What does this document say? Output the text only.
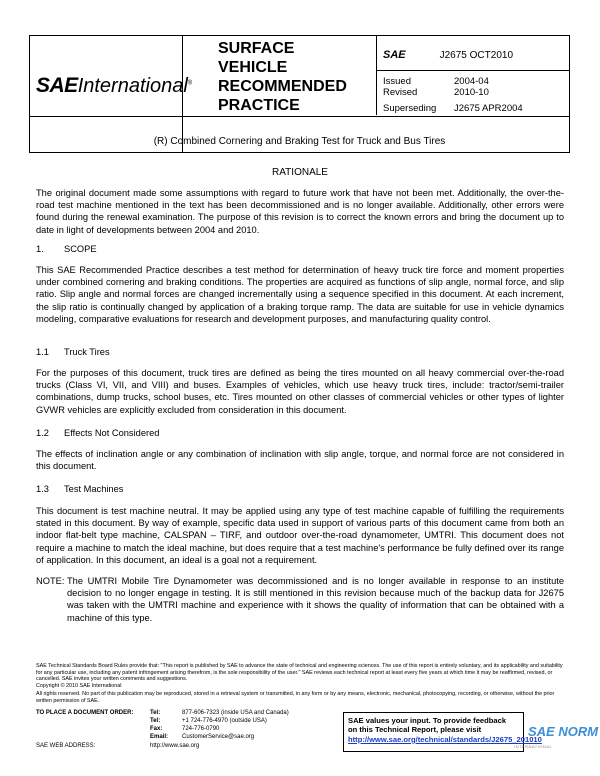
SAEInternational®
SURFACE
VEHICLE
RECOMMENDED
PRACTICE
SAE	J2675 OCT2010
Issued	2004-04
Revised	2010-10
Superseding J2675 APR2004
(R) Combined Cornering and Braking Test for Truck and Bus Tires
RATIONALE
The original document made some assumptions with regard to future work that have not been met. Additionally, the over-the-road test machine mentioned in the text has been decommissioned and is no longer available. Additionally, other errors were found during the renewal examination. The purpose of this revision is to correct the known errors and bring the document up to date in light of developments between 2004 and 2010.
1. SCOPE
This SAE Recommended Practice describes a test method for determination of heavy truck tire force and moment properties under combined cornering and braking conditions. The properties are acquired as functions of slip angle, normal force, and slip ratio. Slip angle and normal forces are changed incrementally using a sequence specified in this document. At each increment, the slip ratio is continually changed by application of a braking torque ramp. The data are suitable for use in vehicle dynamics modeling, comparative evaluations for research and development purposes, and manufacturing quality control.
1.1 Truck Tires
For the purposes of this document, truck tires are defined as being the tires mounted on all heavy commercial over-the-road trucks (Class VI, VII, and VIII) and buses. Examples of vehicles, which use heavy truck tires, include: tractor/semi-trailer combinations, dump trucks, school buses, etc. Tires mounted on other classes of commercial vehicles or other types of lighter GVWR vehicles are explicitly excluded from consideration in this document.
1.2 Effects Not Considered
The effects of inclination angle or any combination of inclination with slip angle, torque, and normal force are not considered in this document.
1.3 Test Machines
This document is test machine neutral. It may be applied using any type of test machine capable of fulfilling the requirements stated in this document. By way of example, specific data used in support of various parts of this document came from both an indoor flat-belt type machine, CALSPAN – TIRF, and outdoor over-the-road dynamometer, UMTRI. This document does not require a machine to match the ideal machine, but does require that a test machine's performance be fully defined over its range of application. In this document, an ideal is a goal not a requirement.
NOTE: The UMTRI Mobile Tire Dynamometer was decommissioned and is no longer available in response to an institute decision to no longer engage in testing. It is still mentioned in this revision because much of the backup data for J2675 was taken with the UMTRI machine and experience with it shows the quality of information that can be obtained with a machine of this type.
SAE Technical Standards Board Rules provide that: "This report is published by SAE to advance the state of technical and engineering sciences. The use of this report is entirely voluntary, and its applicability and suitability for any particular use, including any patent infringement arising therefrom, is the sole responsibility of the user." SAE reviews each technical report at least every five years at which time it may be reaffirmed, revised, or cancelled. SAE invites your written comments and suggestions.
Copyright © 2010 SAE International
All rights reserved. No part of this publication may be reproduced, stored in a retrieval system or transmitted, in any form or by any means, electronic, mechanical, photocopying, recording, or otherwise, without the prior written permission of SAE.
TO PLACE A DOCUMENT ORDER:	Tel:	877-606-7323 (inside USA and Canada)
Tel:	+1 724-776-4970 (outside USA)
Fax:	724-776-0790
Email: CustomerService@sae.org
SAE WEB ADDRESS:	http://www.sae.org
SAE values your input. To provide feedback
on this Technical Report, please visit
http://www.sae.org/technical/standards/J2675_201010
SAE NORM
INTERNATIONAL
